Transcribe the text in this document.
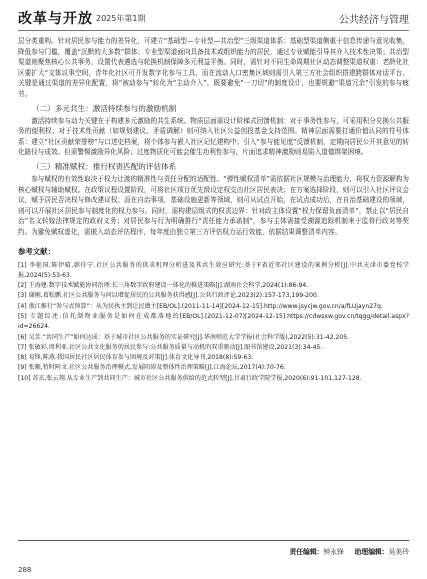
改革与开放 2025年第1期	公共经济与管理

层分类重构。针对居民参与能力的差异化，可建立“基础型—专业型—共治型”三级渠道体系：基础型渠道侧重于信息传递与意见收集，降低参与门槛，覆盖“沉默的大多数”群体；专业型渠道面向具备技术或组织能力的居民，通过专业赋能引导其介入技术性决策；共治型渠道则聚焦核心公共事务，设置代表遴选与轮换机制保障多元利益平衡。同时，需针对不同生命周期社区动态调整渠道权重：老龄化社区要扩大“文体议事空间，青年化社区可开发数字化参与工具，而在流动人口密集区域则需引入第三方社会组织搭建跨群体对话平台。关键是通过渠道的差异化配置，将“被动参与”转化为“主动介入”，既要避免“一刀切”的制度设计，也要规避“渠道冗余”引发的参与疲劳。

（二）多元共生：激活持续参与的激励机制

激活持续参与动力关键在于构建多元激励的共生系统。物质层面需设计阶梯式回馈机制：对于事务性参与，可采用积分兑换公共服务的便利权；对于技术性贡献（如规划建议、矛盾调解）则可纳入社区公益创投基金支持范围。精神层面需要打通价值认同的符号体系：建立“社区贡献荣誉榜”与口述史档案，将个体参与嵌入社区记忆建构中；引入“参与能见度”反馈机制，定期向居民公开其意见的转化路径与成效。但需警惕激励异化风险；过度物质化可能会催生功利性参与，片面追求精神激励则易陷入道德绑架困境。

（三）精准赋权：推行权责匹配的评估体系

参与赋权的有效性取决于权力让渡的精准性与责任分配的适配性。“弹性赋权清单”需依据社区规模与治理能力，将权力资源解构为核心赋权与辅助赋权。在政策议程设置阶段，可将社区项目优先级设定权交由社区居民表决；在方案选择阶段，则可以引入社区评议会议，赋予居民否决权与修改建议权；而在自治事项，基础设施更新等领域，则可从试点开始，在试点成功后，在自治基础建设的领域，则可以开展社区居民参与制度化的权力参与。同时，需构建层级式的权责边界：针对政主体设置“权力保留负面清单”，禁止以“居民自治”名义转嫁法律规定的政府义务；对居民参与行为明确推行“责任能力承诺制”，参与主体需接受溯源追踪机制来于监督行政对等契约。为避免赋权虚化，需嵌入动态评估程序，每年度由独立第三方评估权力运行效能，依据结果调整清单内容。

参考文献：

[1] 李艳国,陈伊晴,韩佳宁.社区公共服务的供求机理分析进及其共生效应研究:基于F省近邻社区建设的案例分析[J].中共天津市委党校学报,2024(5):53-63.

[2] 王海建.数字技术赋能协同治理:长三角数字政府建设一体化的推进策略[J].湖南社会科学,2024(1):86-94.

[3] 谢刚,葛松鹏.社区公共服务与何以增促居民的公共服务获得感[J].公共行政评论,2023(2):157-173,199-200.

[4] 浙江推行“参与式预算”：从为民执主到让民做主[EB/OL].(2011-11-14)[2024-12-15].http://www.jsycjw.gov.cn/a/fLUjayn27q.

[5] 专题综述:信托制物业服务是如何在成都落地的[EB/OL].(2021-12-07)[2024-12-15].https://cdwsxw.gov.cn/tqgg/detail.aspx?id=26624.

[6] 吴芳.“共同生产”如何达成：基于城市社区公共服务的实证研究[J].华南师范大学学报(社会科学版),2022(5):31-42,205.

[7] 张敏彩,周利亚.社区公共文化服务的居民参与:公共服务质量与动机的双重驱动[J].图书馆建设,2021(3):34-45.

[8] 易锋,陈燕.我国居民社区居民体育参与困境及对策[J].体育文化导刊,2018(8):59-63.

[9] 张顺,暂时阿文.社区公共服务治理模式,发展阻碍及整体性治理策略[J].江海论坛,2017(4):70-76.

[10] 苏玄,张云翔.从专业生产到共同生产：城市社区公共服务供给的范式转型[J].甘肃行政学院学报,2020(6):91-101,127-128.

责任编辑：钟永锋 助理编辑：吴美玲
288
